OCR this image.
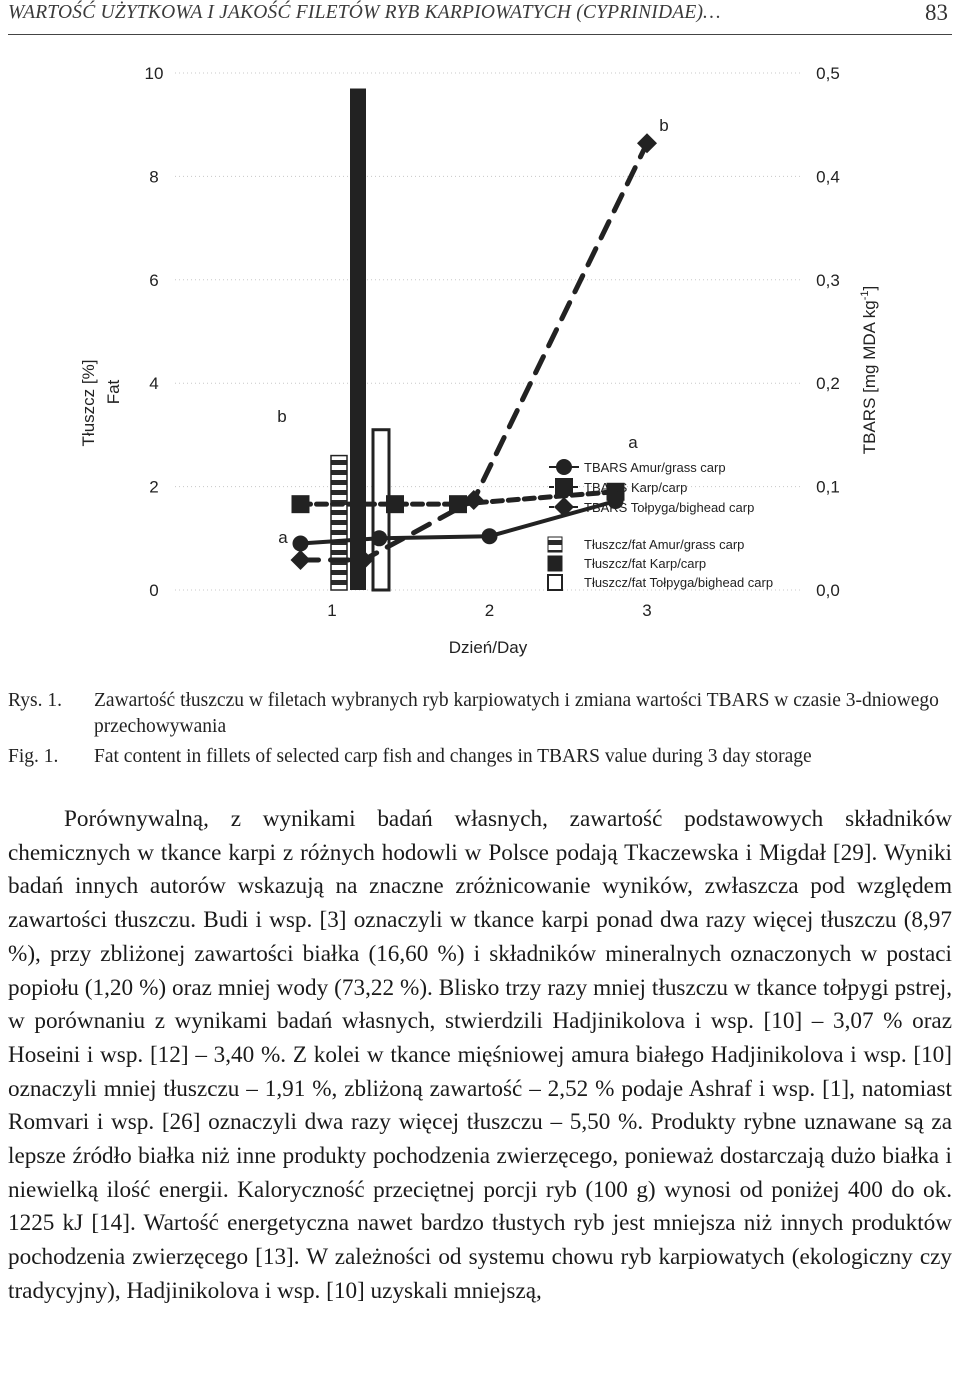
WARTOŚĆ UŻYTKOWA I JAKOŚĆ FILETÓW RYB KARPIOWATYCH (CYPRINIDAE)…	83
Tłuszcz [%] Fat	TBARS [mg MDA $kg^{-1}$]
Dzień/Day
0
2
4
6
8
10
0,0
0,1
0,2
0,3
0,4
0,5
1	2	3
b
a
b
a
TBARS Amur/grass carp
TBARS Karp/carp
TBARS Tołpyga/bighead carp
Tłuszcz/fat Amur/grass carp
Tłuszcz/fat Karp/carp
Tłuszcz/fat Tołpyga/bighead carp
Rys. 1. Zawartość tłuszczu w filetach wybranych ryb karpiowatych i zmiana wartości TBARS w czasie 3-dniowego przechowywania
Fig. 1. Fat content in fillets of selected carp fish and changes in TBARS value during 3 day storage

Porównywalną, z wynikami badań własnych, zawartość podstawowych składników chemicznych w tkance karpi z różnych hodowli w Polsce podają Tkaczewska i Migdał [29]. Wyniki badań innych autorów wskazują na znaczne zróżnicowanie wyników, zwłaszcza pod względem zawartości tłuszczu. Budi i wsp. [3] oznaczyli w tkance karpi ponad dwa razy więcej tłuszczu (8,97 %), przy zbliżonej zawartości białka (16,60 %) i składników mineralnych oznaczonych w postaci popiołu (1,20 %) oraz mniej wody (73,22 %). Blisko trzy razy mniej tłuszczu w tkance tołpygi pstrej, w porównaniu z wynikami badań własnych, stwierdzili Hadjinikolova i wsp. [10] – 3,07 % oraz Hoseini i wsp. [12] – 3,40 %. Z kolei w tkance mięśniowej amura białego Hadjinikolova i wsp. [10] oznaczyli mniej tłuszczu – 1,91 %, zbliżoną zawartość – 2,52 % podaje Ashraf i wsp. [1], natomiast Romvari i wsp. [26] oznaczyli dwa razy więcej tłuszczu – 5,50 %. Produkty rybne uznawane są za lepsze źródło białka niż inne produkty pochodzenia zwierzęcego, ponieważ dostarczają dużo białka i niewielką ilość energii. Kaloryczność przeciętnej porcji ryb (100 g) wynosi od poniżej 400 do ok. 1225 kJ [14]. Wartość energetyczna nawet bardzo tłustych ryb jest mniejsza niż innych produktów pochodzenia zwierzęcego [13]. W zależności od systemu chowu ryb karpiowatych (ekologiczny czy tradycyjny), Hadjinikolova i wsp. [10] uzyskali mniejszą,
